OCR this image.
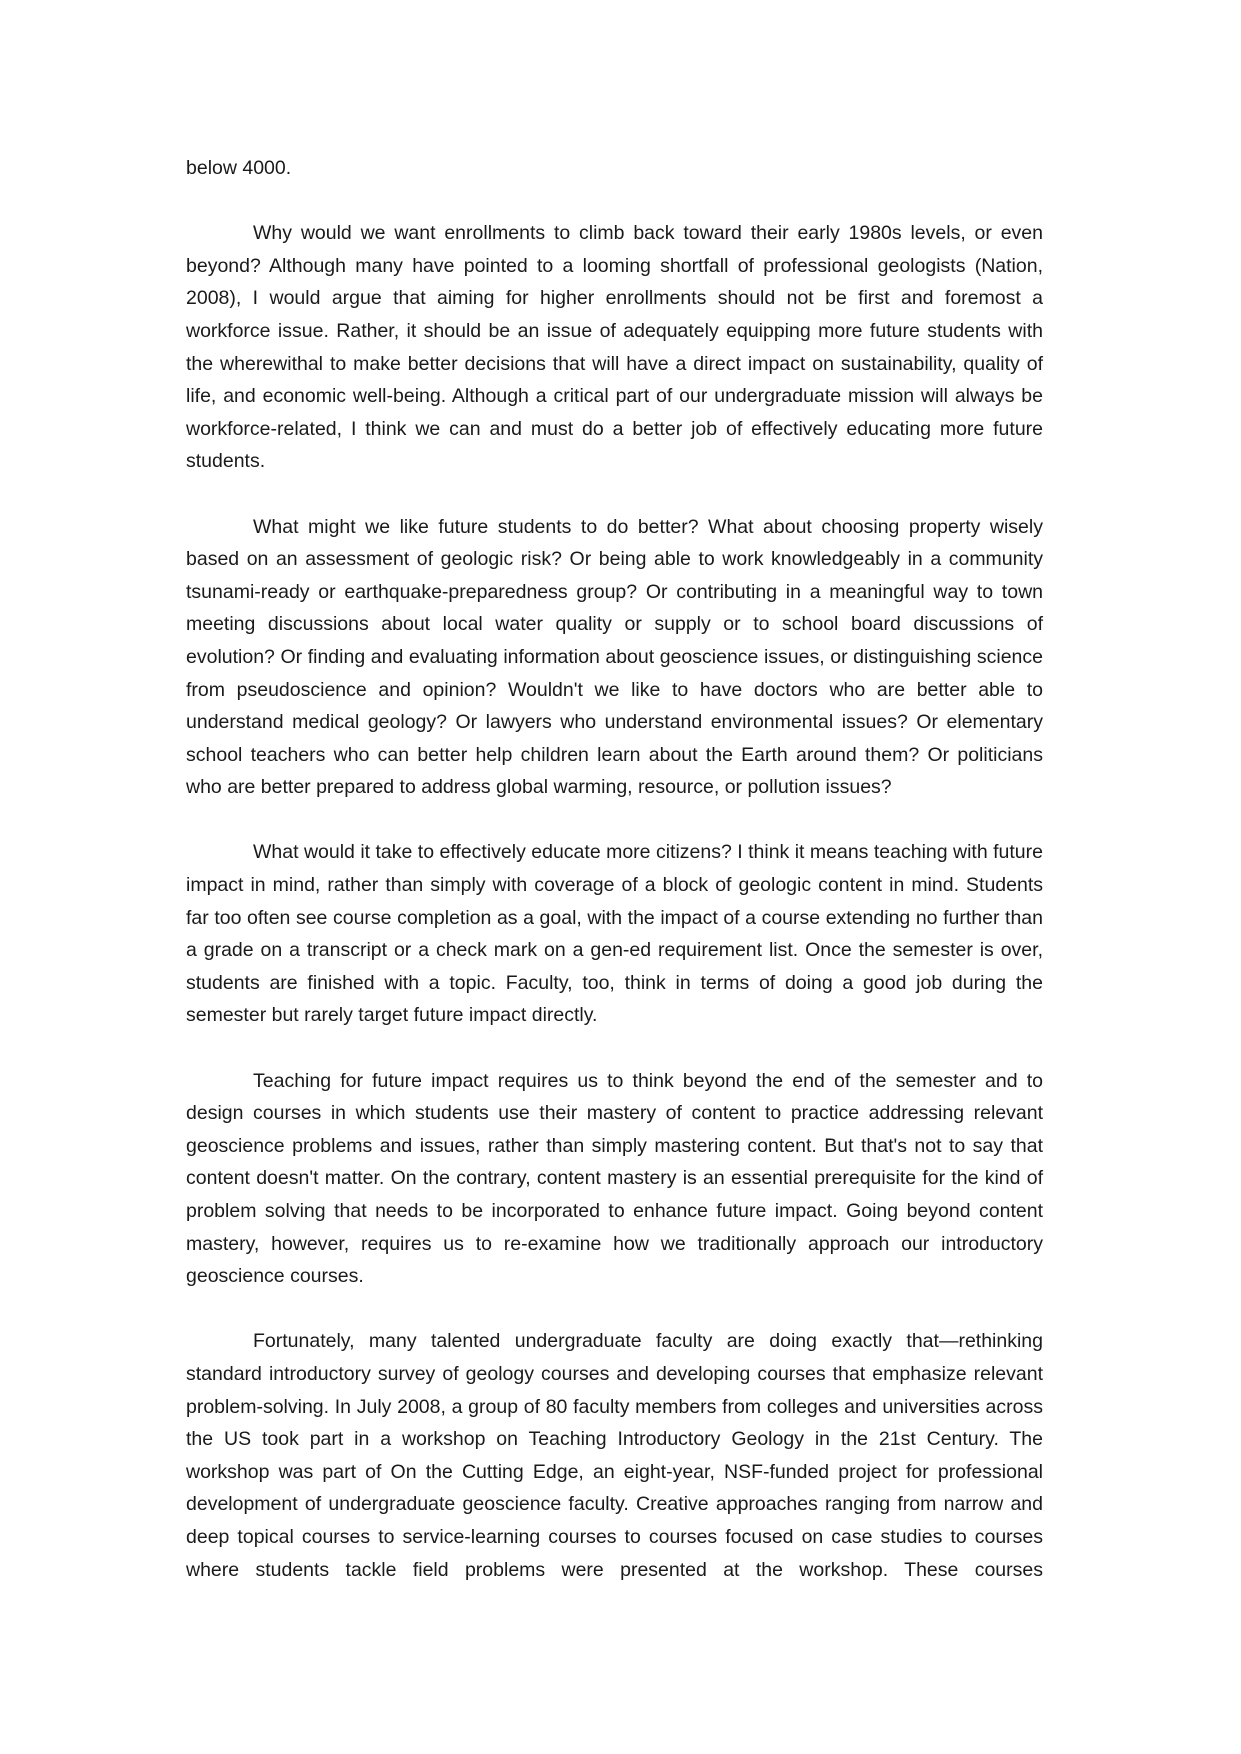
below 4000.

Why would we want enrollments to climb back toward their early 1980s levels, or even beyond? Although many have pointed to a looming shortfall of professional geologists (Nation, 2008), I would argue that aiming for higher enrollments should not be first and foremost a workforce issue. Rather, it should be an issue of adequately equipping more future students with the wherewithal to make better decisions that will have a direct impact on sustainability, quality of life, and economic well-being. Although a critical part of our undergraduate mission will always be workforce-related, I think we can and must do a better job of effectively educating more future students.

What might we like future students to do better? What about choosing property wisely based on an assessment of geologic risk? Or being able to work knowledgeably in a community tsunami-ready or earthquake-preparedness group? Or contributing in a meaningful way to town meeting discussions about local water quality or supply or to school board discussions of evolution? Or finding and evaluating information about geoscience issues, or distinguishing science from pseudoscience and opinion? Wouldn't we like to have doctors who are better able to understand medical geology? Or lawyers who understand environmental issues? Or elementary school teachers who can better help children learn about the Earth around them? Or politicians who are better prepared to address global warming, resource, or pollution issues?

What would it take to effectively educate more citizens? I think it means teaching with future impact in mind, rather than simply with coverage of a block of geologic content in mind. Students far too often see course completion as a goal, with the impact of a course extending no further than a grade on a transcript or a check mark on a gen-ed requirement list. Once the semester is over, students are finished with a topic. Faculty, too, think in terms of doing a good job during the semester but rarely target future impact directly.

Teaching for future impact requires us to think beyond the end of the semester and to design courses in which students use their mastery of content to practice addressing relevant geoscience problems and issues, rather than simply mastering content. But that's not to say that content doesn't matter. On the contrary, content mastery is an essential prerequisite for the kind of problem solving that needs to be incorporated to enhance future impact. Going beyond content mastery, however, requires us to re-examine how we traditionally approach our introductory geoscience courses.

Fortunately, many talented undergraduate faculty are doing exactly that—rethinking standard introductory survey of geology courses and developing courses that emphasize relevant problem-solving. In July 2008, a group of 80 faculty members from colleges and universities across the US took part in a workshop on Teaching Introductory Geology in the 21st Century. The workshop was part of On the Cutting Edge, an eight-year, NSF-funded project for professional development of undergraduate geoscience faculty. Creative approaches ranging from narrow and deep topical courses to service-learning courses to courses focused on case studies to courses where students tackle field problems were presented at the workshop. These courses
